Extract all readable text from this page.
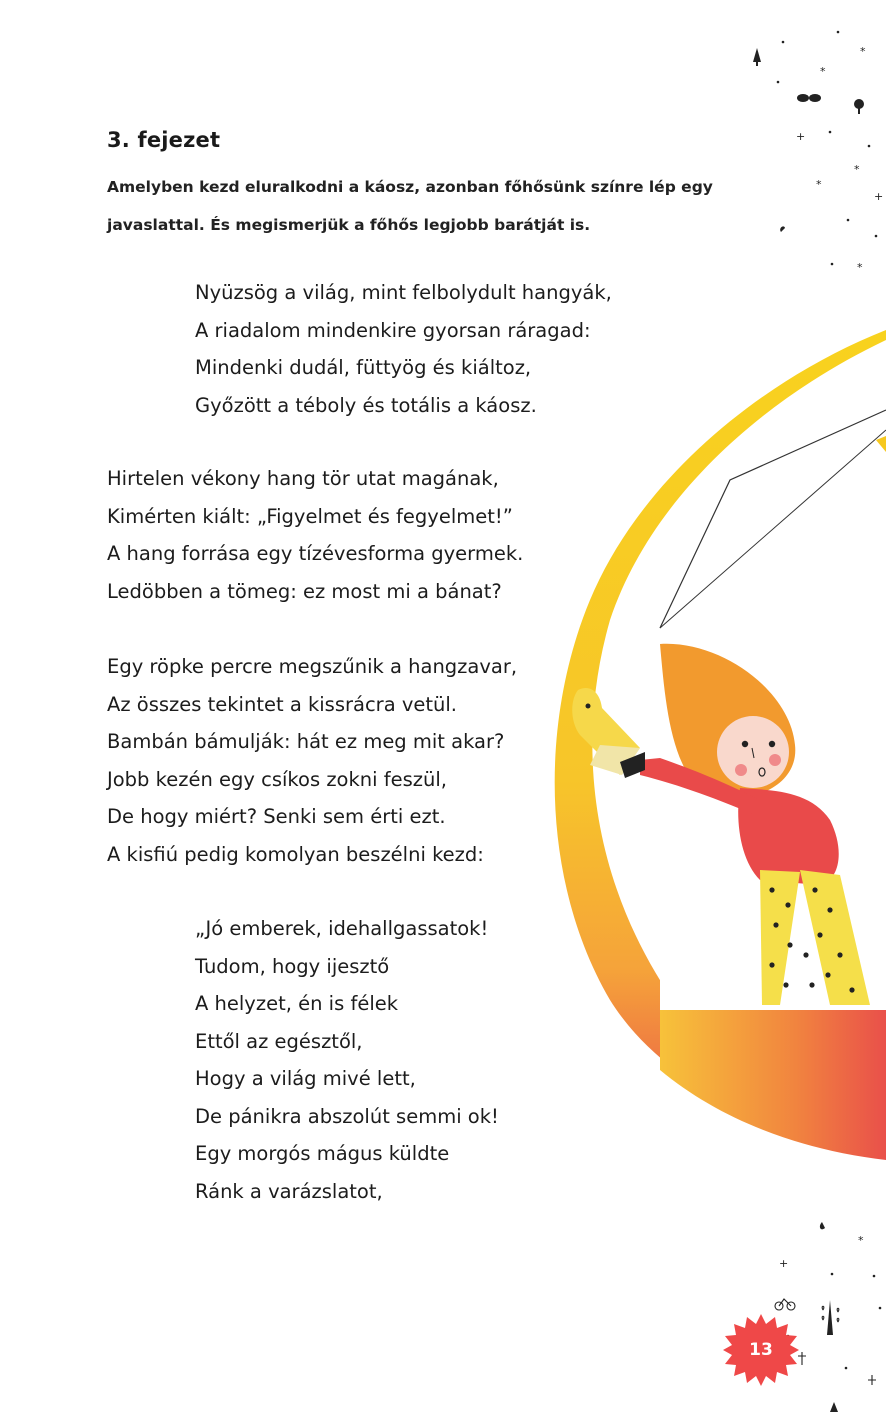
3. fejezet
Amelyben kezd eluralkodni a káosz, azonban főhősünk színre lép egy javaslattal. És megismerjük a főhős legjobb barátját is.
Nyüzsög a világ, mint felbolydult hangyák,
A riadalom mindenkire gyorsan ráragad:
Mindenki dudál, füttyög és kiáltoz,
Győzött a téboly és totális a káosz.
Hirtelen vékony hang tör utat magának,
Kimérten kiált: „Figyelmet és fegyelmet!”
A hang forrása egy tízévesforma gyermek.
Ledöbben a tömeg: ez most mi a bánat?
Egy röpke percre megszűnik a hangzavar,
Az összes tekintet a kissrácra vetül.
Bambán bámulják: hát ez meg mit akar?
Jobb kezén egy csíkos zokni feszül,
De hogy miért? Senki sem érti ezt.
A kisfiú pedig komolyan beszélni kezd:
„Jó emberek, idehallgassatok!
Tudom, hogy ijesztő
A helyzet, én is félek
Ettől az egésztől,
Hogy a világ mivé lett,
De pánikra abszolút semmi ok!
Egy morgós mágus küldte
Ránk a varázslatot,
*
*
*
*
*
+
+
*
+
13
